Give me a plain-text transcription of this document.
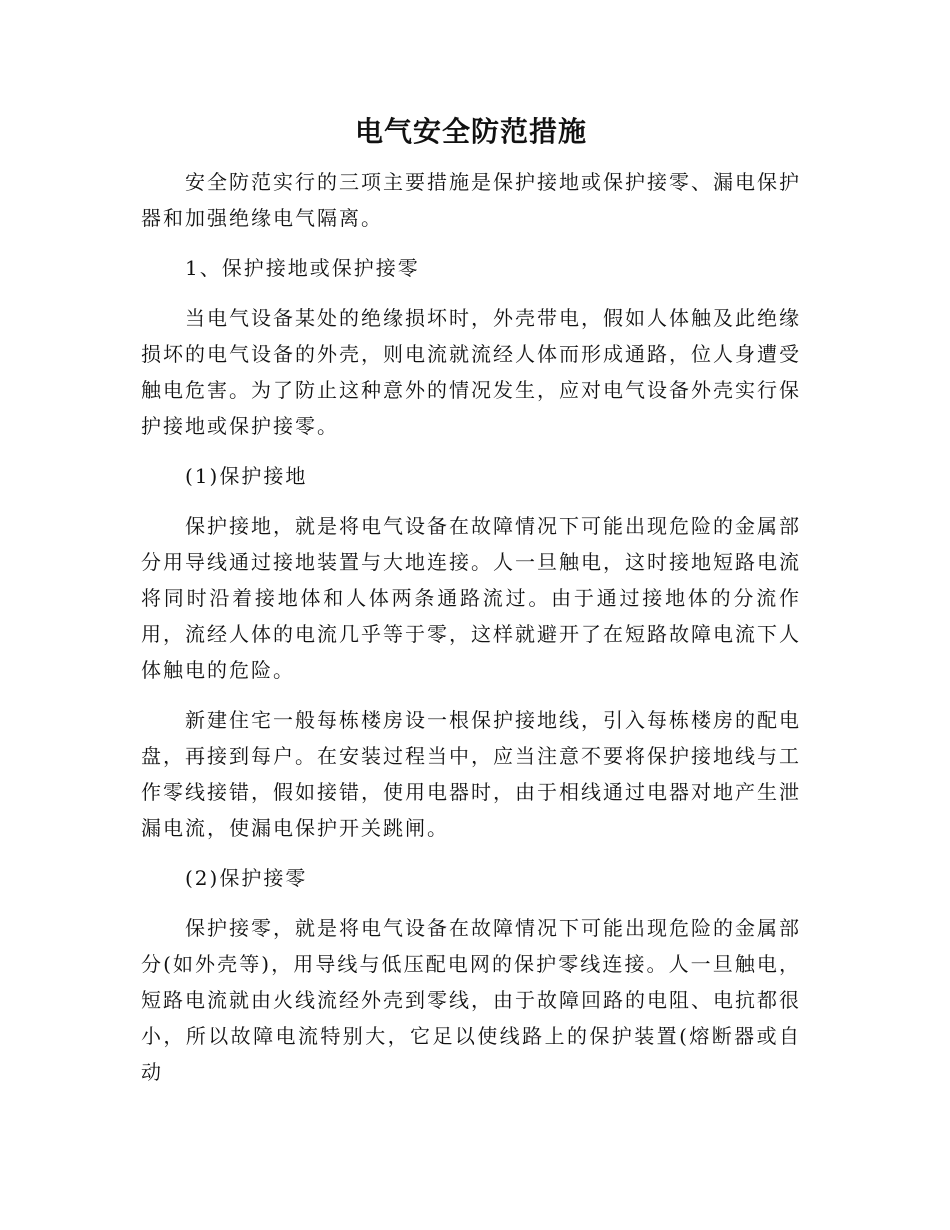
电气安全防范措施

安全防范实行的三项主要措施是保护接地或保护接零、漏电保护器和加强绝缘电气隔离。

1、保护接地或保护接零

当电气设备某处的绝缘损坏时，外壳带电，假如人体触及此绝缘损坏的电气设备的外壳，则电流就流经人体而形成通路，位人身遭受触电危害。为了防止这种意外的情况发生，应对电气设备外壳实行保护接地或保护接零。

(1)保护接地

保护接地，就是将电气设备在故障情况下可能出现危险的金属部分用导线通过接地装置与大地连接。人一旦触电，这时接地短路电流将同时沿着接地体和人体两条通路流过。由于通过接地体的分流作用，流经人体的电流几乎等于零，这样就避开了在短路故障电流下人体触电的危险。

新建住宅一般每栋楼房设一根保护接地线，引入每栋楼房的配电盘，再接到每户。在安装过程当中，应当注意不要将保护接地线与工作零线接错，假如接错，使用电器时，由于相线通过电器对地产生泄漏电流，使漏电保护开关跳闸。

(2)保护接零

保护接零，就是将电气设备在故障情况下可能出现危险的金属部分(如外壳等)，用导线与低压配电网的保护零线连接。人一旦触电，短路电流就由火线流经外壳到零线，由于故障回路的电阻、电抗都很小，所以故障电流特别大，它足以使线路上的保护装置(熔断器或自动
